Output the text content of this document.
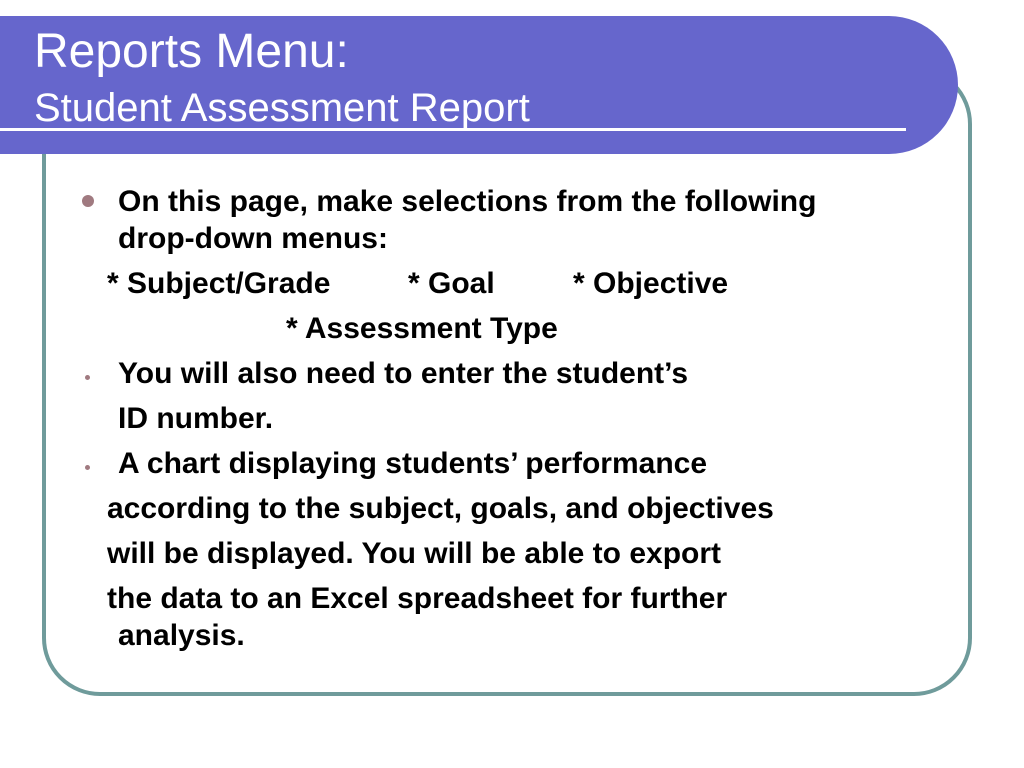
Reports Menu:
Student Assessment Report
On this page, make selections from the following
drop-down menus:
* Subject/Grade	* Goal	* Objective
* Assessment Type
You will also need to enter the student’s
ID number.
A chart displaying students’ performance
according to the subject, goals, and objectives
will be displayed. You will be able to export
the data to an Excel spreadsheet for further
analysis.
